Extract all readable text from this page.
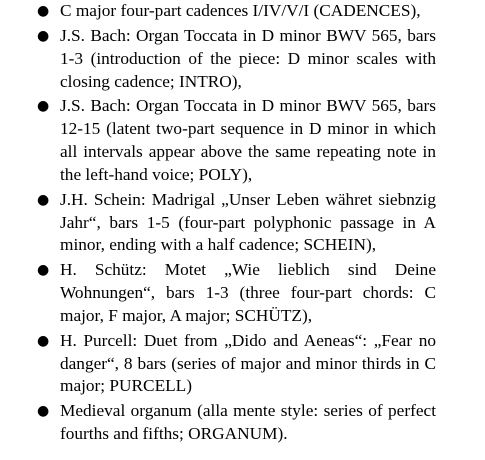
● C major four-part cadences I/IV/V/I (CADENCES),
● J.S. Bach: Organ Toccata in D minor BWV 565, bars 1-3 (introduction of the piece: D minor scales with closing cadence; INTRO),
● J.S. Bach: Organ Toccata in D minor BWV 565, bars 12-15 (latent two-part sequence in D minor in which all intervals appear above the same repeating note in the left-hand voice; POLY),
● J.H. Schein: Madrigal „Unser Leben währet siebnzig Jahr“, bars 1-5 (four-part polyphonic passage in A minor, ending with a half cadence; SCHEIN),
● H. Schütz: Motet „Wie lieblich sind Deine Wohnungen“, bars 1-3 (three four-part chords: C major, F major, A major; SCHÜTZ),
● H. Purcell: Duet from „Dido and Aeneas“: „Fear no danger“, 8 bars (series of major and minor thirds in C major; PURCELL)
● Medieval organum (alla mente style: series of perfect fourths and fifths; ORGANUM).
